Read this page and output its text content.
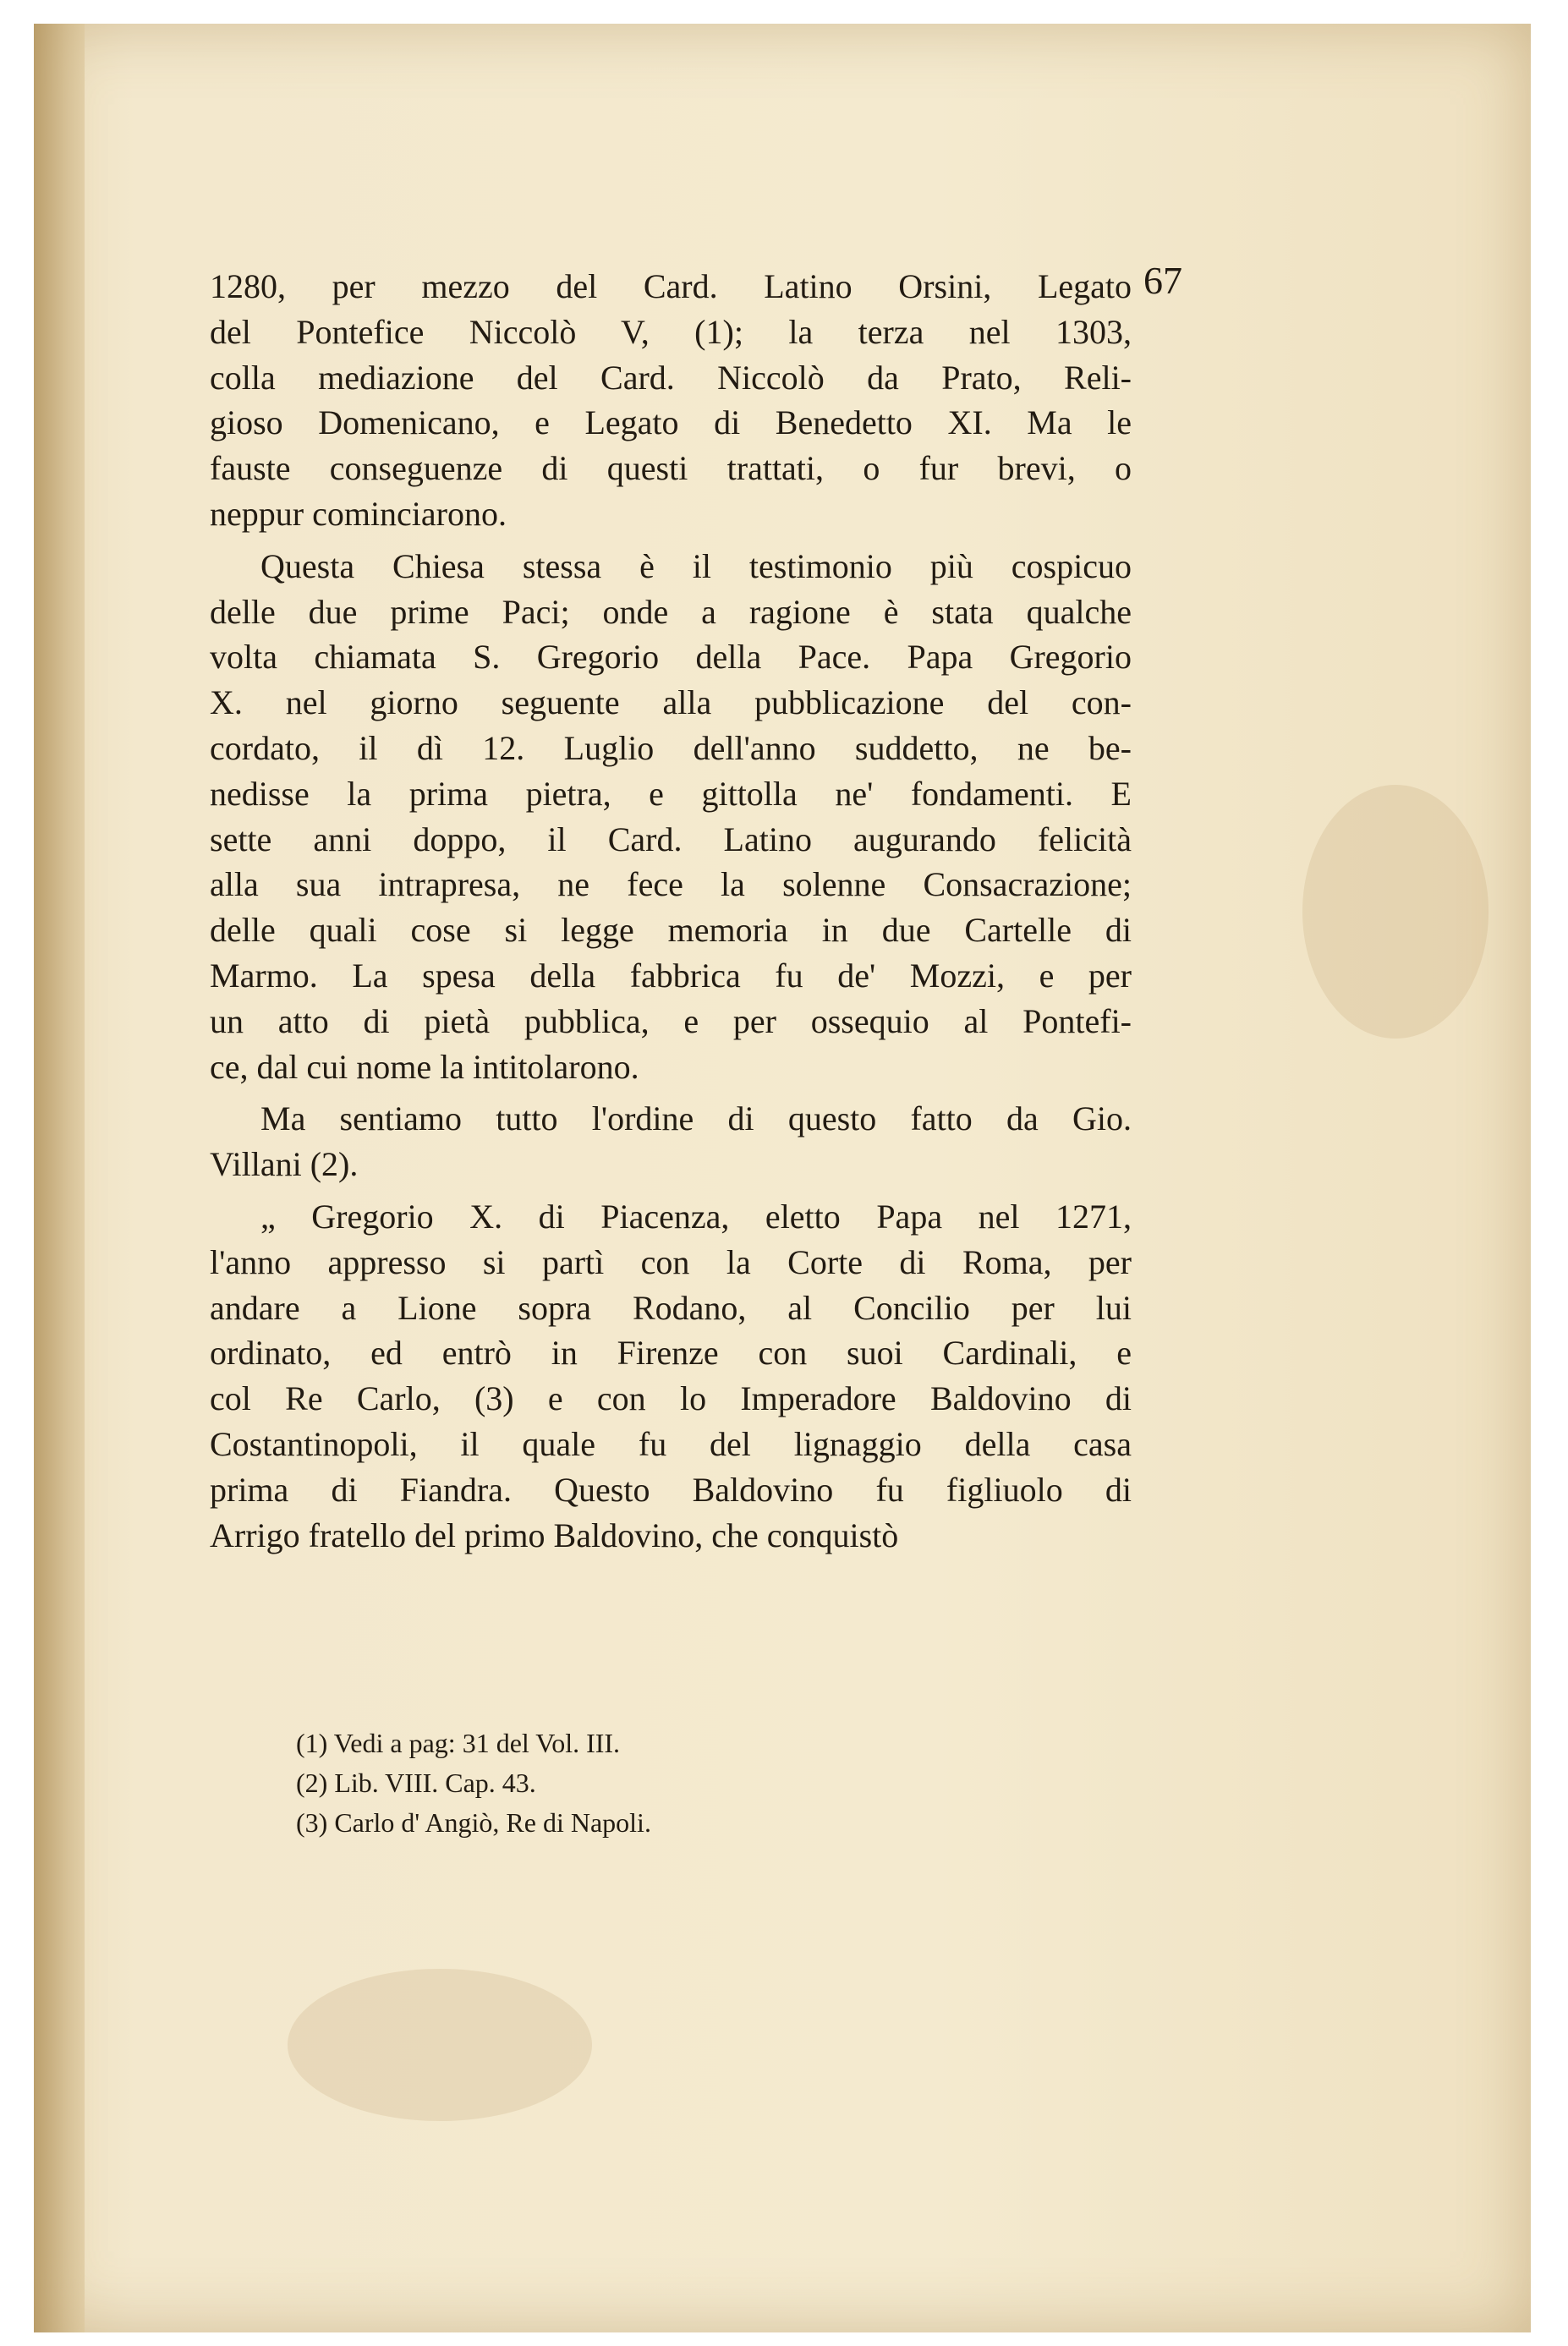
67
1280, per mezzo del Card. Latino Orsini, Legato
del Pontefice Niccolò V, (1); la terza nel 1303,
colla mediazione del Card. Niccolò da Prato, Reli-
gioso Domenicano, e Legato di Benedetto XI. Ma le
fauste conseguenze di questi trattati, o fur brevi, o
neppur cominciarono.
Questa Chiesa stessa è il testimonio più cospicuo
delle due prime Paci; onde a ragione è stata qualche
volta chiamata S. Gregorio della Pace. Papa Gregorio
X. nel giorno seguente alla pubblicazione del con-
cordato, il dì 12. Luglio dell'anno suddetto, ne be-
nedisse la prima pietra, e gittolla ne' fondamenti. E
sette anni doppo, il Card. Latino augurando felicità
alla sua intrapresa, ne fece la solenne Consacrazione;
delle quali cose si legge memoria in due Cartelle di
Marmo. La spesa della fabbrica fu de' Mozzi, e per
un atto di pietà pubblica, e per ossequio al Pontefi-
ce, dal cui nome la intitolarono.
Ma sentiamo tutto l'ordine di questo fatto da Gio.
Villani (2).
„ Gregorio X. di Piacenza, eletto Papa nel 1271,
l'anno appresso si partì con la Corte di Roma, per
andare a Lione sopra Rodano, al Concilio per lui
ordinato, ed entrò in Firenze con suoi Cardinali, e
col Re Carlo, (3) e con lo Imperadore Baldovino di
Costantinopoli, il quale fu del lignaggio della casa
prima di Fiandra. Questo Baldovino fu figliuolo di
Arrigo fratello del primo Baldovino, che conquistò
(1) Vedi a pag: 31 del Vol. III.
(2) Lib. VIII. Cap. 43.
(3) Carlo d' Angiò, Re di Napoli.
